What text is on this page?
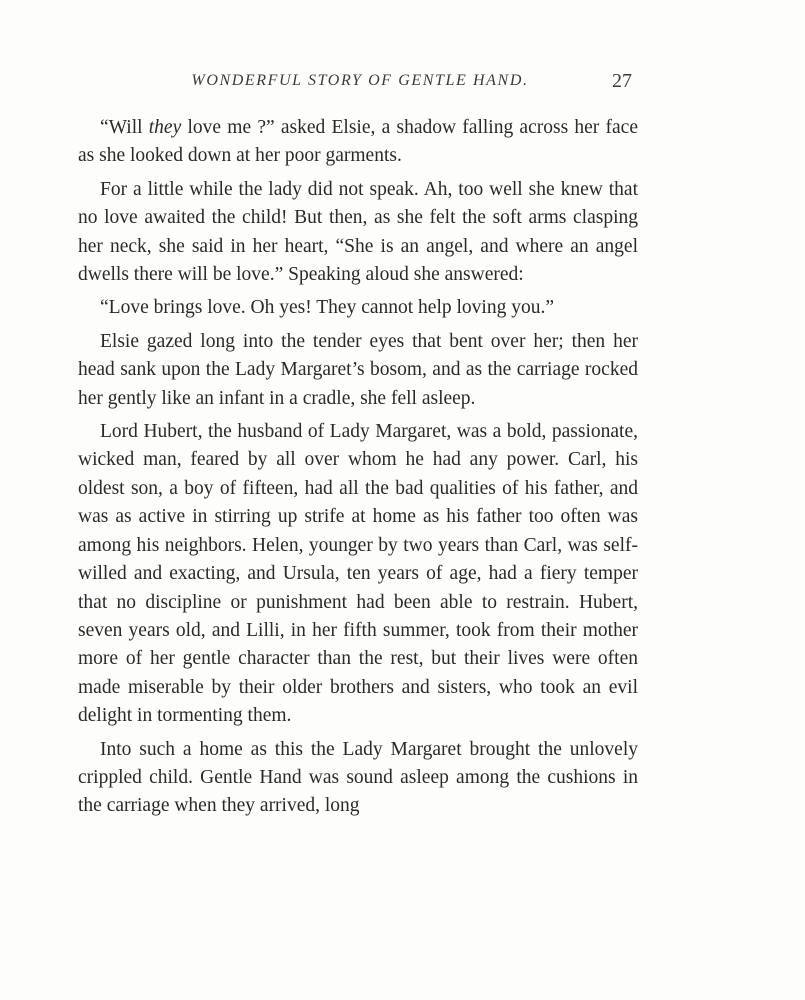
WONDERFUL STORY OF GENTLE HAND.	27

“Will they love me ?” asked Elsie, a shadow falling across her face as she looked down at her poor garments.

For a little while the lady did not speak. Ah, too well she knew that no love awaited the child! But then, as she felt the soft arms clasping her neck, she said in her heart, “She is an angel, and where an angel dwells there will be love.” Speaking aloud she answered:

“Love brings love. Oh yes! They cannot help loving you.”

Elsie gazed long into the tender eyes that bent over her; then her head sank upon the Lady Margaret’s bosom, and as the carriage rocked her gently like an infant in a cradle, she fell asleep.

Lord Hubert, the husband of Lady Margaret, was a bold, passionate, wicked man, feared by all over whom he had any power. Carl, his oldest son, a boy of fifteen, had all the bad qualities of his father, and was as active in stirring up strife at home as his father too often was among his neighbors. Helen, younger by two years than Carl, was self-willed and exacting, and Ursula, ten years of age, had a fiery temper that no discipline or punishment had been able to restrain. Hubert, seven years old, and Lilli, in her fifth summer, took from their mother more of her gentle character than the rest, but their lives were often made miserable by their older brothers and sisters, who took an evil delight in tormenting them.

Into such a home as this the Lady Margaret brought the unlovely crippled child. Gentle Hand was sound asleep among the cushions in the carriage when they arrived, long
